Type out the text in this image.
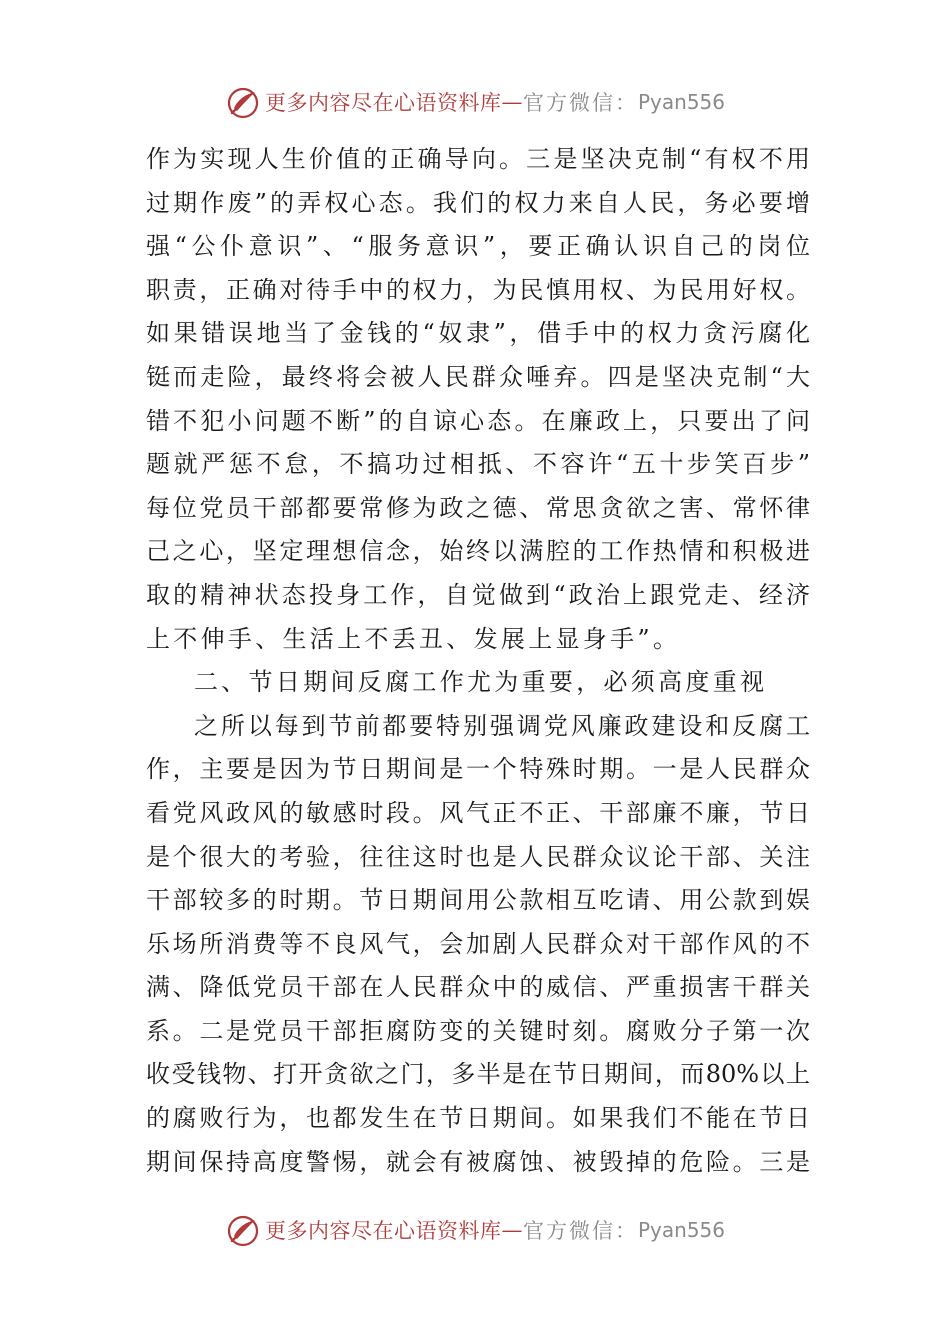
更多内容尽在心语资料库 — 官方微信： Pyan556
作为实现人生价值的正确导向。三是坚决克制“有权不用
过期作废”的弄权心态。我们的权力来自人民，务必要增
强“公仆意识”、“服务意识”，要正确认识自己的岗位
职责，正确对待手中的权力，为民慎用权、为民用好权。
如果错误地当了金钱的“奴隶”，借手中的权力贪污腐化
铤而走险，最终将会被人民群众唾弃。四是坚决克制“大
错不犯小问题不断”的自谅心态。在廉政上，只要出了问
题就严惩不怠，不搞功过相抵、不容许“五十步笑百步”
每位党员干部都要常修为政之德、常思贪欲之害、常怀律
己之心，坚定理想信念，始终以满腔的工作热情和积极进
取的精神状态投身工作，自觉做到“政治上跟党走、经济
上不伸手、生活上不丢丑、发展上显身手”。
二、节日期间反腐工作尤为重要，必须高度重视
之所以每到节前都要特别强调党风廉政建设和反腐工
作，主要是因为节日期间是一个特殊时期。一是人民群众
看党风政风的敏感时段。风气正不正、干部廉不廉，节日
是个很大的考验，往往这时也是人民群众议论干部、关注
干部较多的时期。节日期间用公款相互吃请、用公款到娱
乐场所消费等不良风气，会加剧人民群众对干部作风的不
满、降低党员干部在人民群众中的威信、严重损害干群关
系。二是党员干部拒腐防变的关键时刻。腐败分子第一次
收受钱物、打开贪欲之门，多半是在节日期间，而80%以上
的腐败行为，也都发生在节日期间。如果我们不能在节日
期间保持高度警惕，就会有被腐蚀、被毁掉的危险。三是
更多内容尽在心语资料库 — 官方微信： Pyan556
